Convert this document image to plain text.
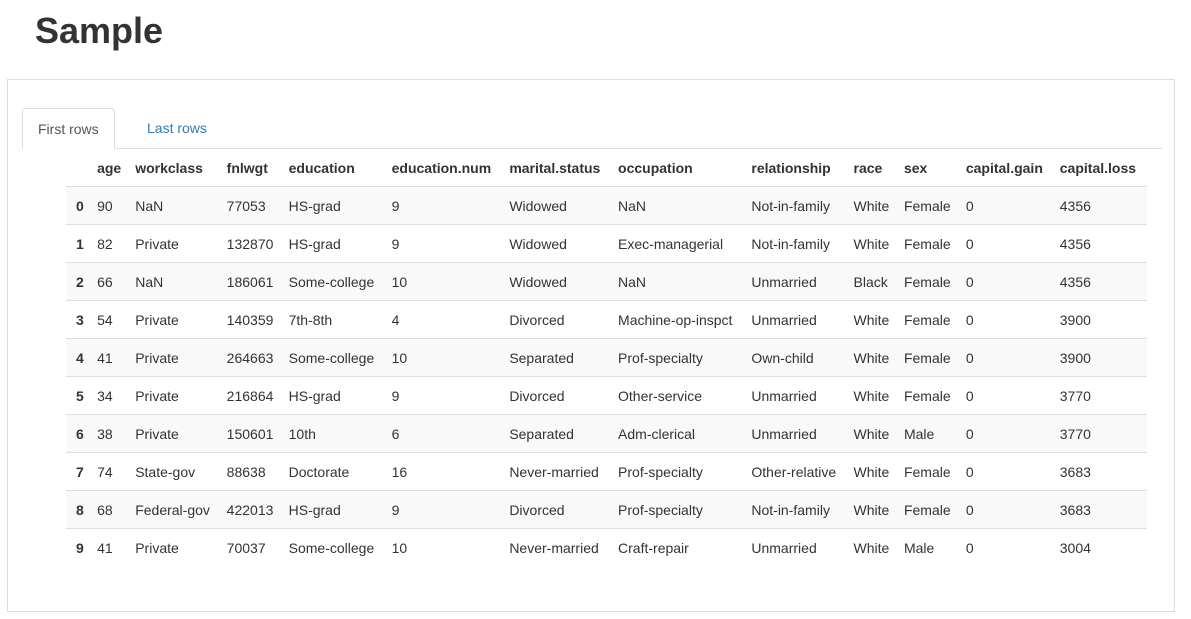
Sample
First rows	Last rows
	age	workclass	fnlwgt	education	education.num	marital.status	occupation	relationship	race	sex	capital.gain	capital.loss
0	90	NaN	77053	HS-grad	9	Widowed	NaN	Not-in-family	White	Female	0	4356
1	82	Private	132870	HS-grad	9	Widowed	Exec-managerial	Not-in-family	White	Female	0	4356
2	66	NaN	186061	Some-college	10	Widowed	NaN	Unmarried	Black	Female	0	4356
3	54	Private	140359	7th-8th	4	Divorced	Machine-op-inspct	Unmarried	White	Female	0	3900
4	41	Private	264663	Some-college	10	Separated	Prof-specialty	Own-child	White	Female	0	3900
5	34	Private	216864	HS-grad	9	Divorced	Other-service	Unmarried	White	Female	0	3770
6	38	Private	150601	10th	6	Separated	Adm-clerical	Unmarried	White	Male	0	3770
7	74	State-gov	88638	Doctorate	16	Never-married	Prof-specialty	Other-relative	White	Female	0	3683
8	68	Federal-gov	422013	HS-grad	9	Divorced	Prof-specialty	Not-in-family	White	Female	0	3683
9	41	Private	70037	Some-college	10	Never-married	Craft-repair	Unmarried	White	Male	0	3004
